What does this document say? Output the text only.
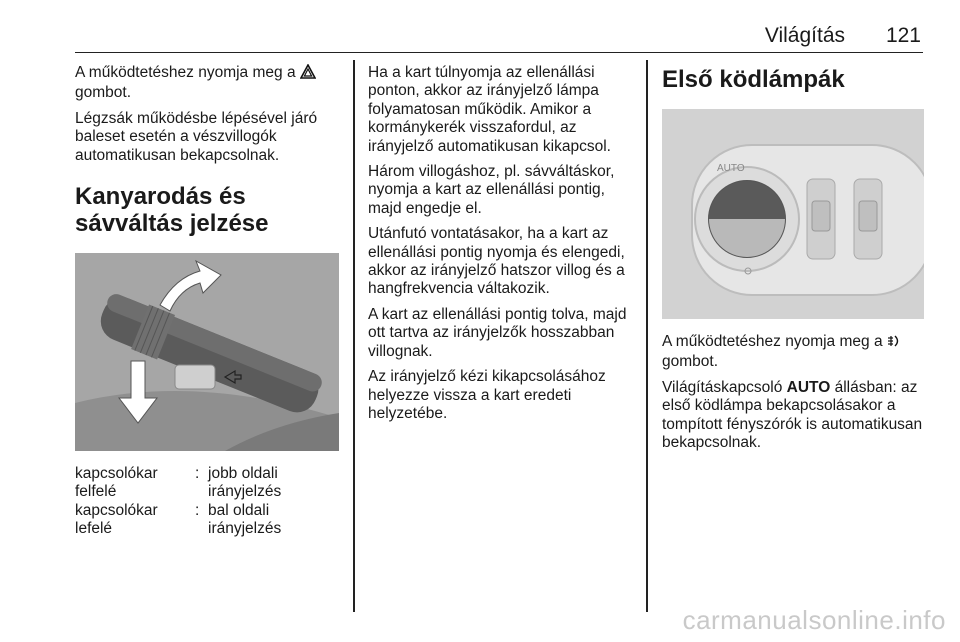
Világítás 121

A működtetéshez nyomja meg a  gombot.

Légzsák működésbe lépésével járó baleset esetén a vészvillogók automatikusan bekapcsolnak.

Kanyarodás és sávváltás jelzése
kapcsolókar felfelé
: jobb oldali irányjelzés
kapcsolókar lefelé
: bal oldali irányjelzés

Ha a kart túlnyomja az ellenállási ponton, akkor az irányjelző lámpa folyamatosan működik. Amikor a kormánykerék visszafordul, az irányjelző automatikusan kikapcsol.

Három villogáshoz, pl. sávváltáskor, nyomja a kart az ellenállási pontig, majd engedje el.

Utánfutó vontatásakor, ha a kart az ellenállási pontig nyomja és elengedi, akkor az irányjelző hatszor villog és a hangfrekvencia váltakozik.

A kart az ellenállási pontig tolva, majd ott tartva az irányjelzők hosszabban villognak.

Az irányjelző kézi kikapcsolásához helyezze vissza a kart eredeti helyzetébe.

Első ködlámpák
AUTO

A működtetéshez nyomja meg a  gombot.

Világításkapcsoló AUTO állásban: az első ködlámpa bekapcsolásakor a tompított fényszórók is automatikusan bekapcsolnak.

carmanualsonline.info
